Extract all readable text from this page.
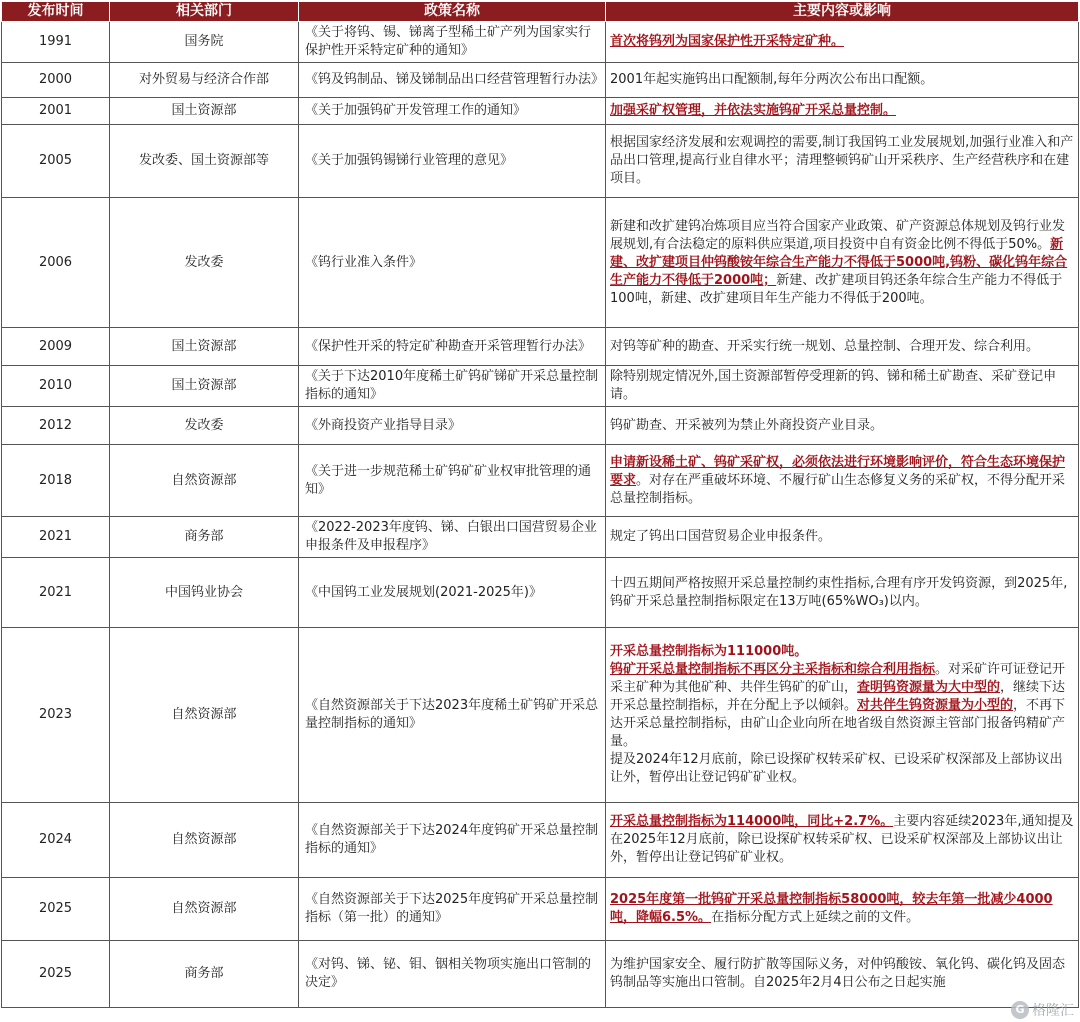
发布时间	相关部门	政策名称	主要内容或影响
1991	国务院	《关于将钨、锡、锑离子型稀土矿产列为国家实行保护性开采特定矿种的通知》	首次将钨列为国家保护性开采特定矿种。
2000	对外贸易与经济合作部	《钨及钨制品、锑及锑制品出口经营管理暂行办法》	2001年起实施钨出口配额制,每年分两次公布出口配额。
2001	国土资源部	《关于加强钨矿开发管理工作的通知》	加强采矿权管理，并依法实施钨矿开采总量控制。
2005	发改委、国土资源部等	《关于加强钨锡锑行业管理的意见》	根据国家经济发展和宏观调控的需要,制订我国钨工业发展规划,加强行业准入和产品出口管理,提高行业自律水平；清理整顿钨矿山开采秩序、生产经营秩序和在建项目。
2006	发改委	《钨行业准入条件》	新建和改扩建钨冶炼项目应当符合国家产业政策、矿产资源总体规划及钨行业发展规划,有合法稳定的原料供应渠道,项目投资中自有资金比例不得低于50%。新建、改扩建项目仲钨酸铵年综合生产能力不得低于5000吨,钨粉、碳化钨年综合生产能力不得低于2000吨；新建、改扩建项目钨还条年综合生产能力不得低于100吨，新建、改扩建项目年生产能力不得低于200吨。
2009	国土资源部	《保护性开采的特定矿种勘查开采管理暂行办法》	对钨等矿种的勘查、开采实行统一规划、总量控制、合理开发、综合利用。
2010	国土资源部	《关于下达2010年度稀土矿钨矿锑矿开采总量控制指标的通知》	除特别规定情况外,国土资源部暂停受理新的钨、锑和稀土矿勘查、采矿登记申请。
2012	发改委	《外商投资产业指导目录》	钨矿勘查、开采被列为禁止外商投资产业目录。
2018	自然资源部	《关于进一步规范稀土矿钨矿矿业权审批管理的通知》	申请新设稀土矿、钨矿采矿权，必须依法进行环境影响评价，符合生态环境保护要求。对存在严重破坏环境、不履行矿山生态修复义务的采矿权，不得分配开采总量控制指标。
2021	商务部	《2022-2023年度钨、锑、白银出口国营贸易企业申报条件及申报程序》	规定了钨出口国营贸易企业申报条件。
2021	中国钨业协会	《中国钨工业发展规划(2021-2025年)》	十四五期间严格按照开采总量控制约束性指标,合理有序开发钨资源，到2025年,钨矿开采总量控制指标限定在13万吨(65%WO₃)以内。
2023	自然资源部	《自然资源部关于下达2023年度稀土矿钨矿开采总量控制指标的通知》	开采总量控制指标为111000吨。
钨矿开采总量控制指标不再区分主采指标和综合利用指标。对采矿许可证登记开采主矿种为其他矿种、共伴生钨矿的矿山，查明钨资源量为大中型的，继续下达开采总量控制指标，并在分配上予以倾斜。对共伴生钨资源量为小型的，不再下达开采总量控制指标，由矿山企业向所在地省级自然资源主管部门报备钨精矿产量。
提及2024年12月底前，除已设探矿权转采矿权、已设采矿权深部及上部协议出让外，暂停出让登记钨矿矿业权。
2024	自然资源部	《自然资源部关于下达2024年度钨矿开采总量控制指标的通知》	开采总量控制指标为114000吨，同比+2.7%。主要内容延续2023年,通知提及在2025年12月底前，除已设探矿权转采矿权、已设采矿权深部及上部协议出让外，暂停出让登记钨矿矿业权。
2025	自然资源部	《自然资源部关于下达2025年度钨矿开采总量控制指标（第一批）的通知》	2025年度第一批钨矿开采总量控制指标58000吨，较去年第一批减少4000吨，降幅6.5%。在指标分配方式上延续之前的文件。
2025	商务部	《对钨、锑、铋、钼、铟相关物项实施出口管制的决定》	为维护国家安全、履行防扩散等国际义务，对仲钨酸铵、氧化钨、碳化钨及固态钨制品等实施出口管制。自2025年2月4日公布之日起实施
G 格隆汇
